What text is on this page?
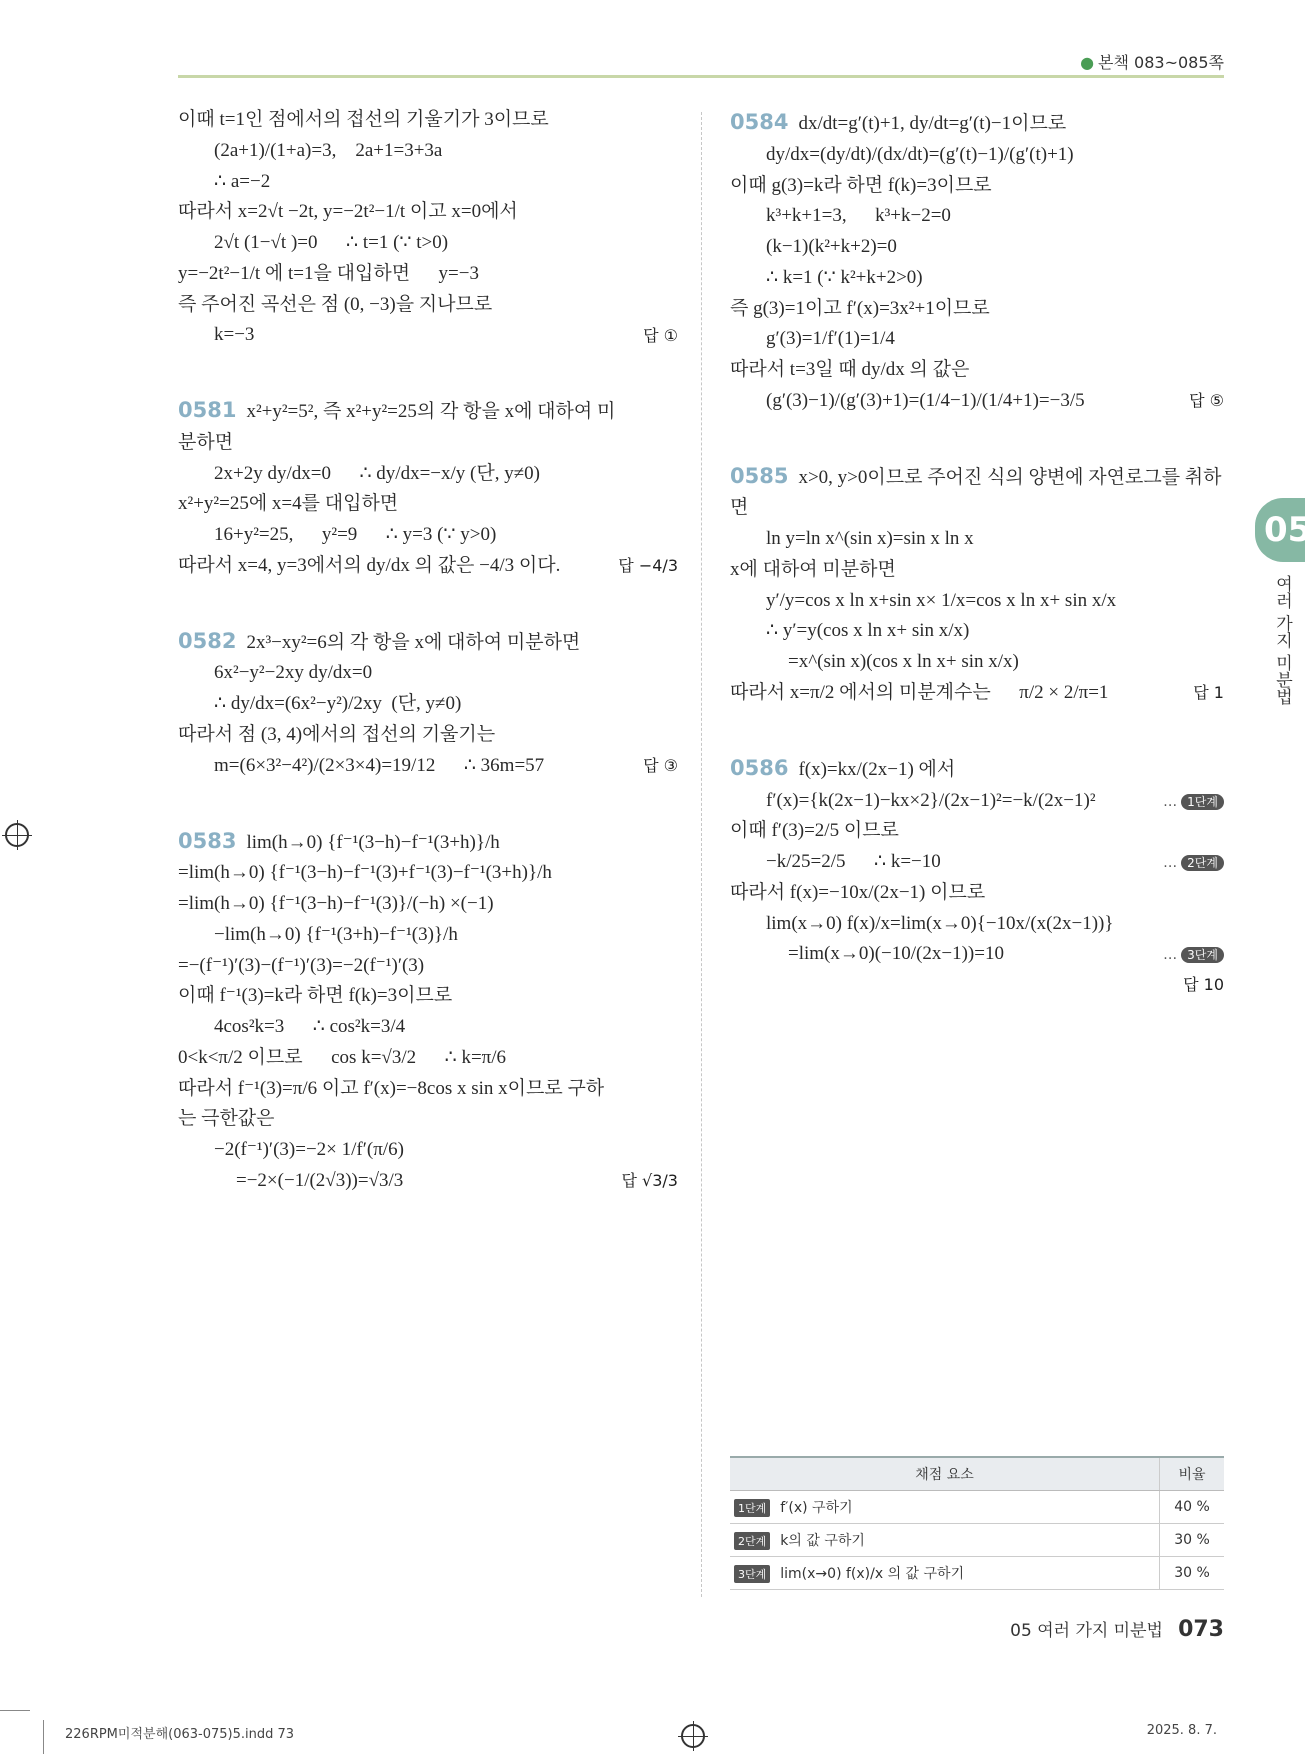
● 본책 083~085쪽
이때 t=1인 점에서의 접선의 기울기가 3이므로
(2a+1)/(1+a)=3,    2a+1=3+3a
∴ a=−2
따라서 x=2√t −2t, y=−2t²−1/t 이고 x=0에서
2√t (1−√t )=0      ∴ t=1 (∵ t>0)
y=−2t²−1/t 에 t=1을 대입하면      y=−3
즉 주어진 곡선은 점 (0, −3)을 지나므로
k=−3	답 ①
0581 x²+y²=5², 즉 x²+y²=25의 각 항을 x에 대하여 미
분하면
2x+2y dy/dx=0      ∴ dy/dx=−x/y (단, y≠0)
x²+y²=25에 x=4를 대입하면
16+y²=25,      y²=9      ∴ y=3 (∵ y>0)
따라서 x=4, y=3에서의 dy/dx 의 값은 −4/3 이다.	답 −4/3
0582 2x³−xy²=6의 각 항을 x에 대하여 미분하면
6x²−y²−2xy dy/dx=0
∴ dy/dx=(6x²−y²)/2xy  (단, y≠0)
따라서 점 (3, 4)에서의 접선의 기울기는
m=(6×3²−4²)/(2×3×4)=19/12      ∴ 36m=57	답 ③
0583 lim(h→0) {f⁻¹(3−h)−f⁻¹(3+h)}/h
=lim(h→0) {f⁻¹(3−h)−f⁻¹(3)+f⁻¹(3)−f⁻¹(3+h)}/h
=lim(h→0) {f⁻¹(3−h)−f⁻¹(3)}/(−h) ×(−1)
−lim(h→0) {f⁻¹(3+h)−f⁻¹(3)}/h
=−(f⁻¹)′(3)−(f⁻¹)′(3)=−2(f⁻¹)′(3)
이때 f⁻¹(3)=k라 하면 f(k)=3이므로
4cos²k=3      ∴ cos²k=3/4
0<k<π/2 이므로      cos k=√3/2      ∴ k=π/6
따라서 f⁻¹(3)=π/6 이고 f′(x)=−8cos x sin x이므로 구하
는 극한값은
−2(f⁻¹)′(3)=−2× 1/f′(π/6)
=−2×(−1/(2√3))=√3/3	답 √3/3
0584 dx/dt=g′(t)+1, dy/dt=g′(t)−1이므로
dy/dx=(dy/dt)/(dx/dt)=(g′(t)−1)/(g′(t)+1)
이때 g(3)=k라 하면 f(k)=3이므로
k³+k+1=3,      k³+k−2=0
(k−1)(k²+k+2)=0
∴ k=1 (∵ k²+k+2>0)
즉 g(3)=1이고 f′(x)=3x²+1이므로
g′(3)=1/f′(1)=1/4
따라서 t=3일 때 dy/dx 의 값은
(g′(3)−1)/(g′(3)+1)=(1/4−1)/(1/4+1)=−3/5	답 ⑤
0585 x>0, y>0이므로 주어진 식의 양변에 자연로그를 취하
면
ln y=ln x^(sin x)=sin x ln x
x에 대하여 미분하면
y′/y=cos x ln x+sin x× 1/x=cos x ln x+ sin x/x
∴ y′=y(cos x ln x+ sin x/x)
=x^(sin x)(cos x ln x+ sin x/x)
따라서 x=π/2 에서의 미분계수는      π/2 × 2/π=1	답 1
0586 f(x)=kx/(2x−1) 에서
f′(x)={k(2x−1)−kx×2}/(2x−1)²=−k/(2x−1)²	… 1단계
이때 f′(3)=2/5 이므로
−k/25=2/5      ∴ k=−10	… 2단계
따라서 f(x)=−10x/(2x−1) 이므로
lim(x→0) f(x)/x=lim(x→0){−10x/(x(2x−1))}
=lim(x→0)(−10/(2x−1))=10	… 3단계
답 10
채점 요소	비율
1단계 f′(x) 구하기	40 %
2단계 k의 값 구하기	30 %
3단계 lim(x→0) f(x)/x 의 값 구하기	30 %
05
여러 가지 미분법
05 여러 가지 미분법 073
226RPM미적분해(063-075)5.indd 73	2025. 8. 7.
